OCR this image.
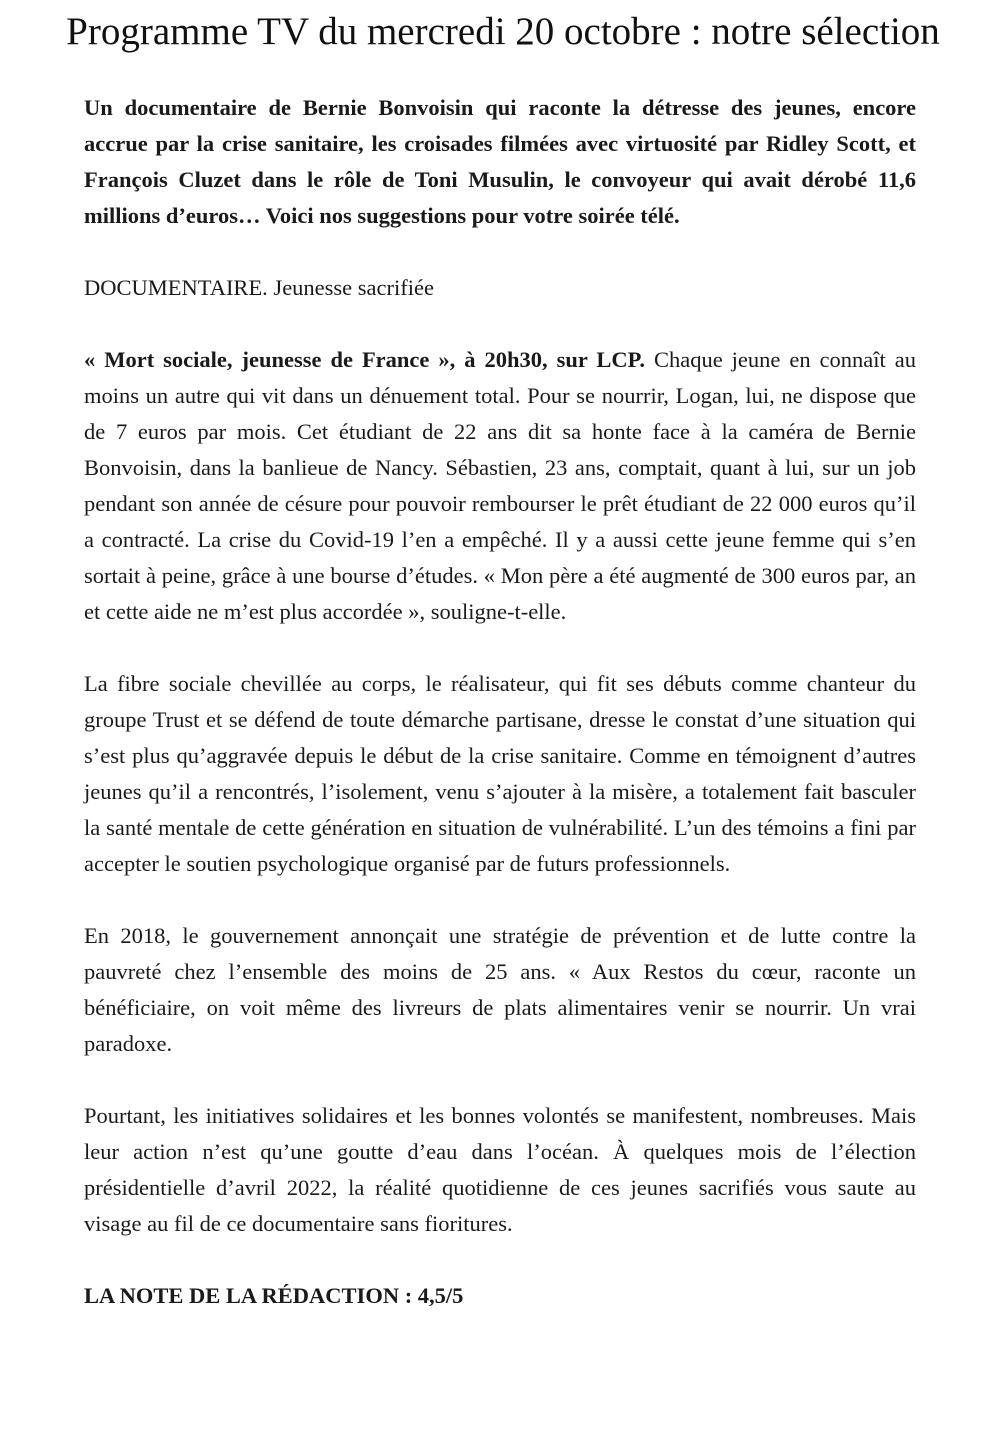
Programme TV du mercredi 20 octobre : notre sélection

Un documentaire de Bernie Bonvoisin qui raconte la détresse des jeunes, encore accrue par la crise sanitaire, les croisades filmées avec virtuosité par Ridley Scott, et François Cluzet dans le rôle de Toni Musulin, le convoyeur qui avait dérobé 11,6 millions d’euros… Voici nos suggestions pour votre soirée télé.

DOCUMENTAIRE. Jeunesse sacrifiée

« Mort sociale, jeunesse de France », à 20h30, sur LCP. Chaque jeune en connaît au moins un autre qui vit dans un dénuement total. Pour se nourrir, Logan, lui, ne dispose que de 7 euros par mois. Cet étudiant de 22 ans dit sa honte face à la caméra de Bernie Bonvoisin, dans la banlieue de Nancy. Sébastien, 23 ans, comptait, quant à lui, sur un job pendant son année de césure pour pouvoir rembourser le prêt étudiant de 22 000 euros qu’il a contracté. La crise du Covid-19 l’en a empêché. Il y a aussi cette jeune femme qui s’en sortait à peine, grâce à une bourse d’études. « Mon père a été augmenté de 300 euros par, an et cette aide ne m’est plus accordée », souligne-t-elle.

La fibre sociale chevillée au corps, le réalisateur, qui fit ses débuts comme chanteur du groupe Trust et se défend de toute démarche partisane, dresse le constat d’une situation qui s’est plus qu’aggravée depuis le début de la crise sanitaire. Comme en témoignent d’autres jeunes qu’il a rencontrés, l’isolement, venu s’ajouter à la misère, a totalement fait basculer la santé mentale de cette génération en situation de vulnérabilité. L’un des témoins a fini par accepter le soutien psychologique organisé par de futurs professionnels.

En 2018, le gouvernement annonçait une stratégie de prévention et de lutte contre la pauvreté chez l’ensemble des moins de 25 ans. « Aux Restos du cœur, raconte un bénéficiaire, on voit même des livreurs de plats alimentaires venir se nourrir. Un vrai paradoxe.

Pourtant, les initiatives solidaires et les bonnes volontés se manifestent, nombreuses. Mais leur action n’est qu’une goutte d’eau dans l’océan. À quelques mois de l’élection présidentielle d’avril 2022, la réalité quotidienne de ces jeunes sacrifiés vous saute au visage au fil de ce documentaire sans fioritures.

LA NOTE DE LA RÉDACTION : 4,5/5
